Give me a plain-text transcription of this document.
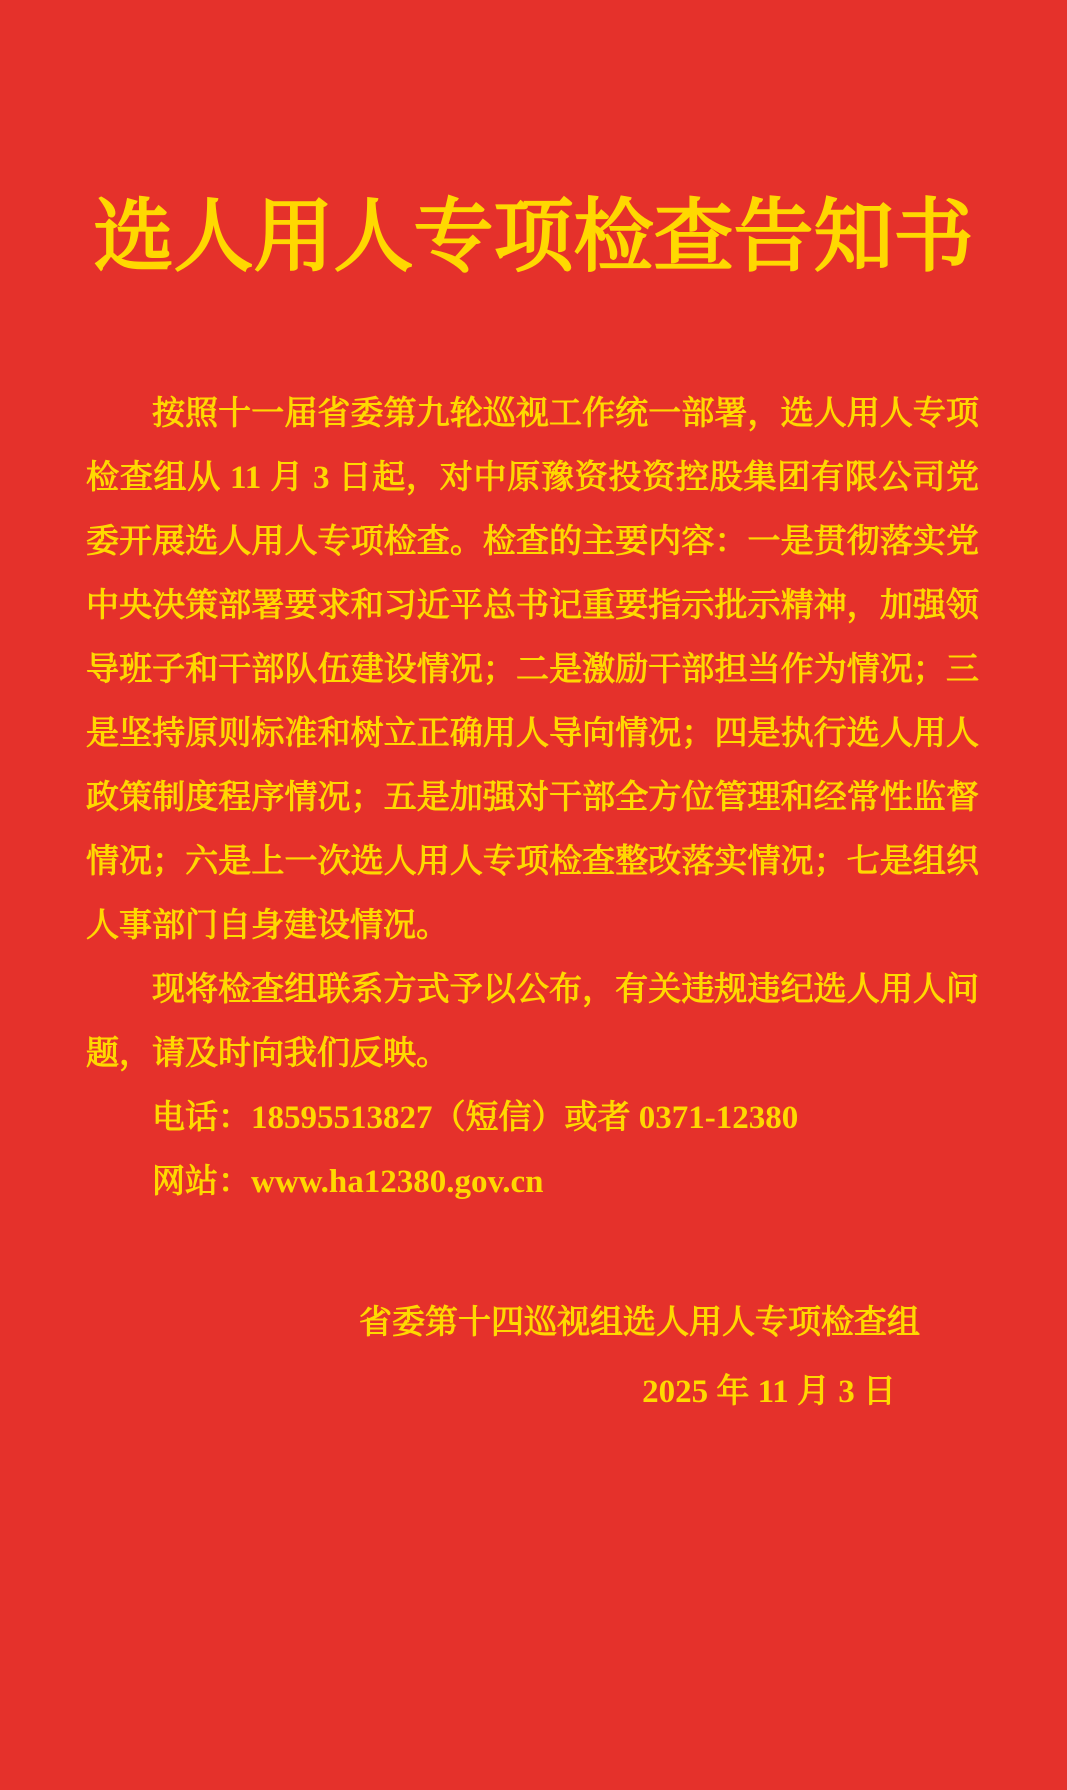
选人用人专项检查告知书

按照十一届省委第九轮巡视工作统一部署，选人用人专项检查组从 11 月 3 日起，对中原豫资投资控股集团有限公司党委开展选人用人专项检查。检查的主要内容：一是贯彻落实党中央决策部署要求和习近平总书记重要指示批示精神，加强领导班子和干部队伍建设情况；二是激励干部担当作为情况；三是坚持原则标准和树立正确用人导向情况；四是执行选人用人政策制度程序情况；五是加强对干部全方位管理和经常性监督情况；六是上一次选人用人专项检查整改落实情况；七是组织人事部门自身建设情况。

现将检查组联系方式予以公布，有关违规违纪选人用人问题，请及时向我们反映。

电话：18595513827（短信）或者 0371-12380

网站：www.ha12380.gov.cn

省委第十四巡视组选人用人专项检查组
2025 年 11 月 3 日
